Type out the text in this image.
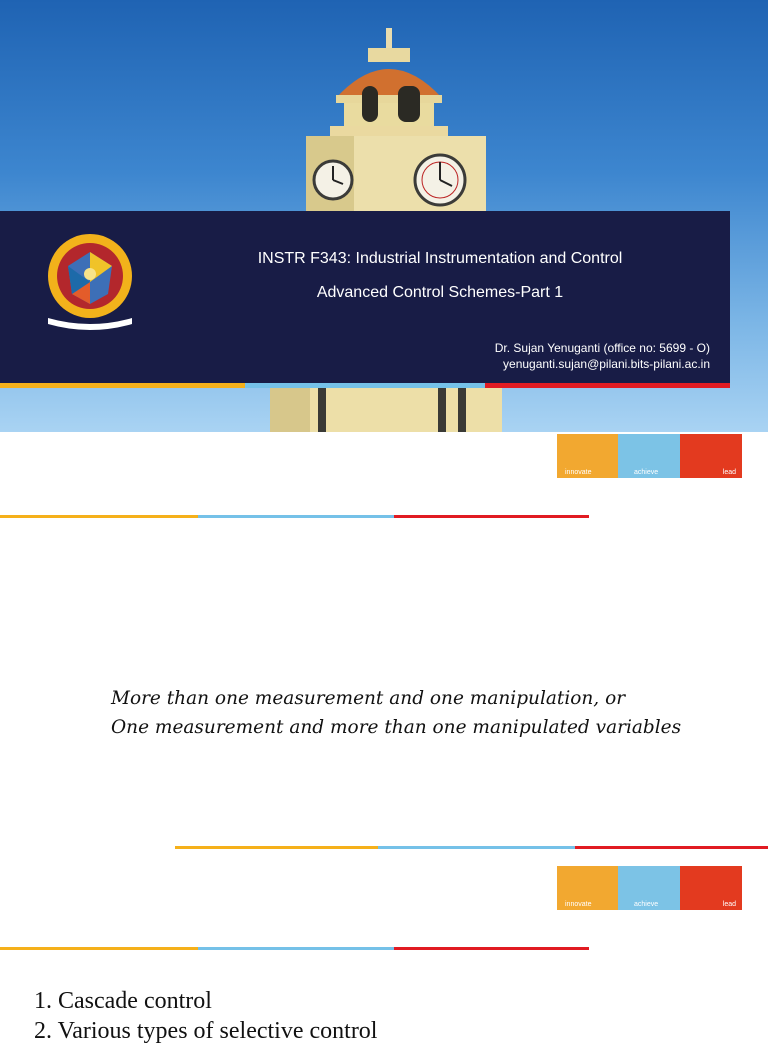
INSTR F343: Industrial Instrumentation and Control
Advanced Control Schemes-Part 1
Dr. Sujan Yenuganti (office no: 5699 - O)
yenuganti.sujan@pilani.bits-pilani.ac.in
innovate	achieve	lead
More than one measurement and one manipulation, or
One measurement and more than one manipulated variables
innovate	achieve	lead
1. Cascade control
2. Various types of selective control
